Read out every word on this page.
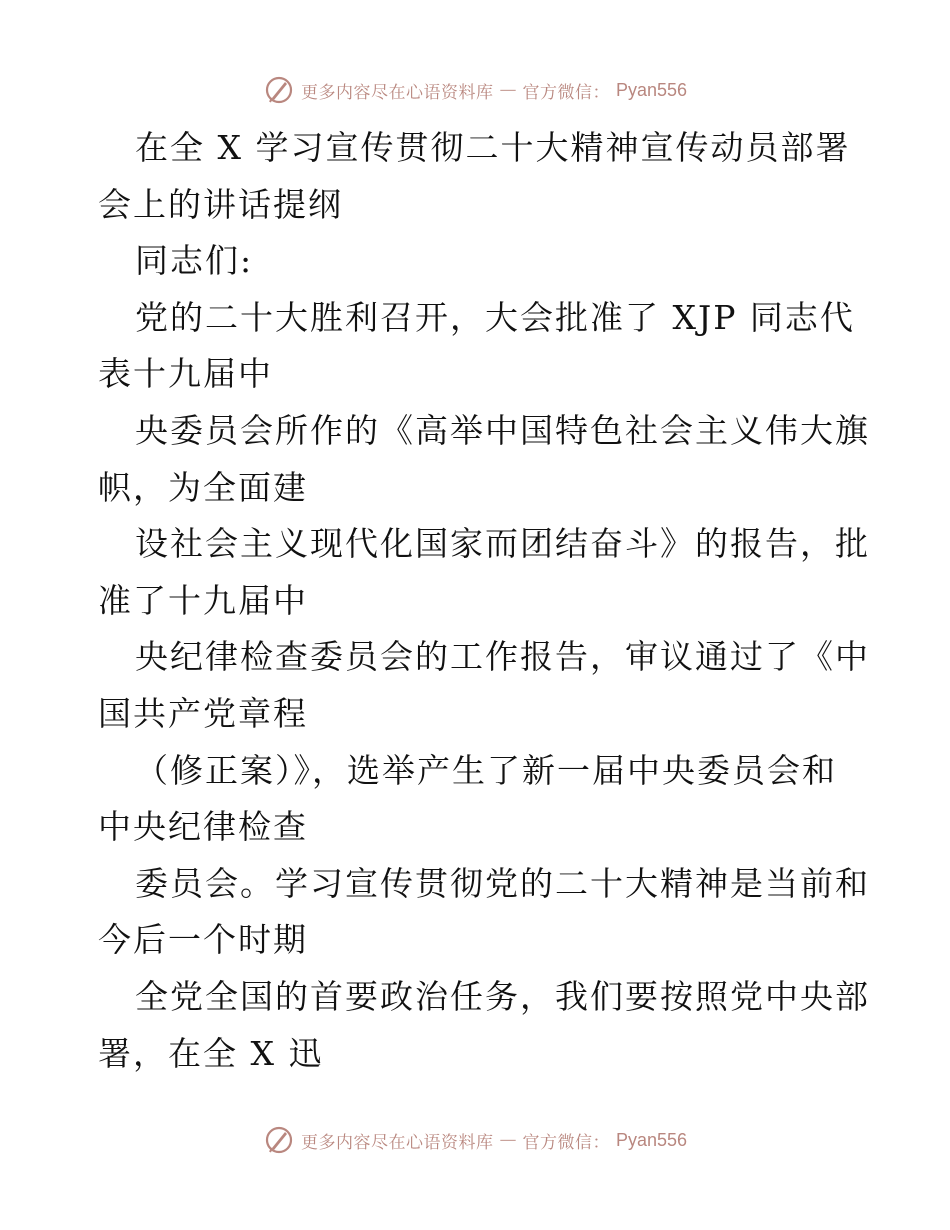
更多内容尽在心语资料库 — 官方微信： Pyan556
在全 X 学习宣传贯彻二十大精神宣传动员部署
会上的讲话提纲
同志们:
党的二十大胜利召开，大会批准了 XJP 同志代
表十九届中
央委员会所作的《高举中国特色社会主义伟大旗
帜，为全面建
设社会主义现代化国家而团结奋斗》的报告，批
准了十九届中
央纪律检查委员会的工作报告，审议通过了《中
国共产党章程
（修正案）》，选举产生了新一届中央委员会和
中央纪律检查
委员会。学习宣传贯彻党的二十大精神是当前和
今后一个时期
全党全国的首要政治任务，我们要按照党中央部
署，在全 X 迅
更多内容尽在心语资料库 — 官方微信： Pyan556
